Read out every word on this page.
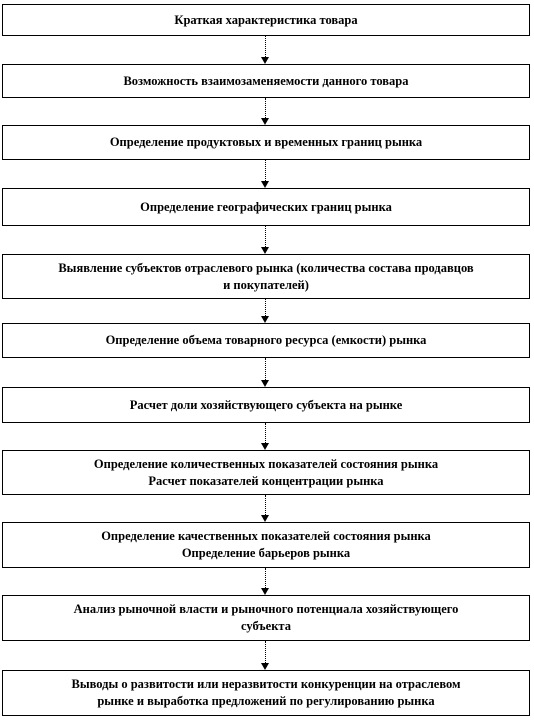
Краткая характеристика товара
Возможность взаимозаменяемости данного товара
Определение продуктовых и временных границ рынка
Определение географических границ рынка
Выявление субъектов отраслевого рынка (количества состава продавцов
и покупателей)
Определение объема товарного ресурса (емкости) рынка
Расчет доли хозяйствующего субъекта на рынке
Определение количественных показателей состояния рынка
Расчет показателей концентрации рынка
Определение качественных показателей состояния рынка
Определение барьеров рынка
Анализ рыночной власти и рыночного потенциала хозяйствующего
субъекта
Выводы о развитости или неразвитости конкуренции на отраслевом
рынке и выработка предложений по регулированию рынка
